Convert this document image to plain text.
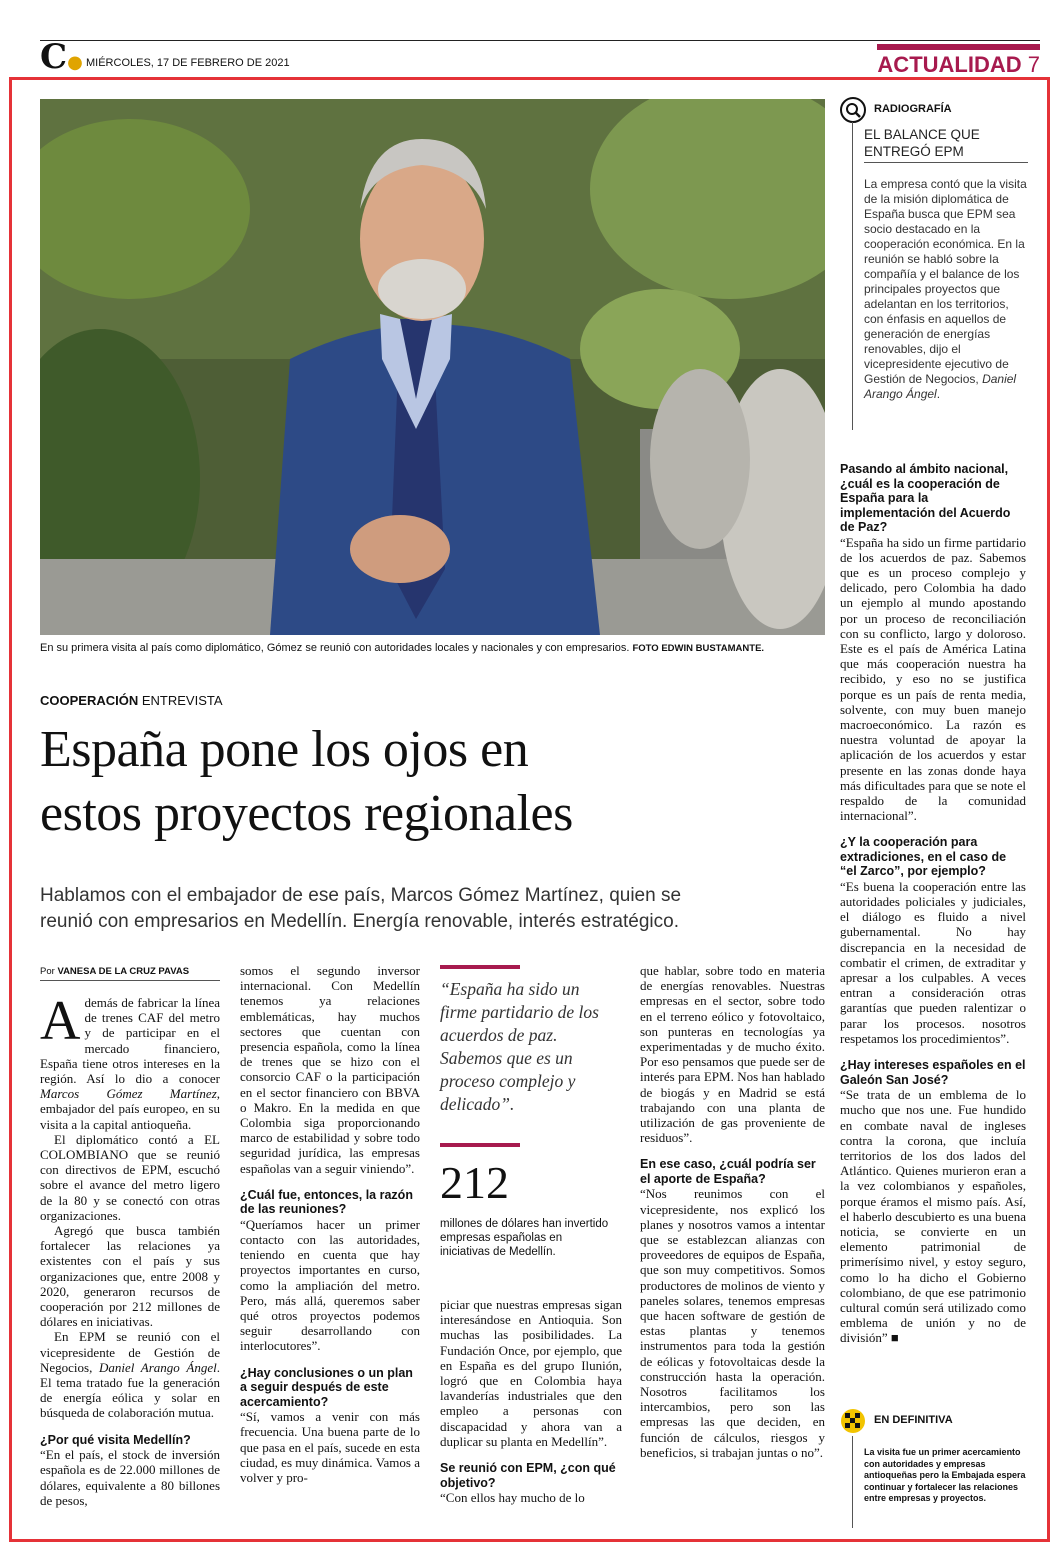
C● MIÉRCOLES, 17 DE FEBRERO DE 2021	ACTUALIDAD 7
En su primera visita al país como diplomático, Gómez se reunió con autoridades locales y nacionales y con empresarios. FOTO EDWIN BUSTAMANTE.
COOPERACIÓN ENTREVISTA
España pone los ojos en
estos proyectos regionales
Hablamos con el embajador de ese país, Marcos Gómez Martínez, quien se
reunió con empresarios en Medellín. Energía renovable, interés estratégico.
Por VANESA DE LA CRUZ PAVAS

Además de fabricar la línea de trenes CAF del metro y de participar en el mercado financiero, España tiene otros intereses en la región. Así lo dio a conocer Marcos Gómez Martínez, embajador del país europeo, en su visita a la capital antioqueña.

El diplomático contó a EL COLOMBIANO que se reunió con directivos de EPM, escuchó sobre el avance del metro ligero de la 80 y se conectó con otras organizaciones.

Agregó que busca también fortalecer las relaciones ya existentes con el país y sus organizaciones que, entre 2008 y 2020, generaron recursos de cooperación por 212 millones de dólares en iniciativas.

En EPM se reunió con el vicepresidente de Gestión de Negocios, Daniel Arango Ángel. El tema tratado fue la generación de energía eólica y solar en búsqueda de colaboración mutua.

¿Por qué visita Medellín?

“En el país, el stock de inversión española es de 22.000 millones de dólares, equivalente a 80 billones de pesos,

somos el segundo inversor internacional. Con Medellín tenemos ya relaciones emblemáticas, hay muchos sectores que cuentan con presencia española, como la línea de trenes que se hizo con el consorcio CAF o la participación en el sector financiero con BBVA o Makro. En la medida en que Colombia siga proporcionando marco de estabilidad y sobre todo seguridad jurídica, las empresas españolas van a seguir viniendo”.

¿Cuál fue, entonces, la razón de las reuniones?

“Queríamos hacer un primer contacto con las autoridades, teniendo en cuenta que hay proyectos importantes en curso, como la ampliación del metro. Pero, más allá, queremos saber qué otros proyectos podemos seguir desarrollando con interlocutores”.

¿Hay conclusiones o un plan a seguir después de este acercamiento?

“Sí, vamos a venir con más frecuencia. Una buena parte de lo que pasa en el país, sucede en esta ciudad, es muy dinámica. Vamos a volver y pro-

“España ha sido un firme partidario de los acuerdos de paz. Sabemos que es un proceso complejo y delicado”.
212
millones de dólares han invertido empresas españolas en iniciativas de Medellín.

piciar que nuestras empresas sigan interesándose en Antioquia. Son muchas las posibilidades. La Fundación Once, por ejemplo, que en España es del grupo Ilunión, logró que en Colombia haya lavanderías industriales que den empleo a personas con discapacidad y ahora van a duplicar su planta en Medellín”.

Se reunió con EPM, ¿con qué objetivo?

“Con ellos hay mucho de lo

que hablar, sobre todo en materia de energías renovables. Nuestras empresas en el sector, sobre todo en el terreno eólico y fotovoltaico, son punteras en tecnologías ya experimentadas y de mucho éxito. Por eso pensamos que puede ser de interés para EPM. Nos han hablado de biogás y en Madrid se está trabajando con una planta de utilización de gas proveniente de residuos”.

En ese caso, ¿cuál podría ser el aporte de España?

“Nos reunimos con el vicepresidente, nos explicó los planes y nosotros vamos a intentar que se establezcan alianzas con proveedores de equipos de España, que son muy competitivos. Somos productores de molinos de viento y paneles solares, tenemos empresas que hacen software de gestión de estas plantas y tenemos instrumentos para toda la gestión de eólicas y fotovoltaicas desde la construcción hasta la operación. Nosotros facilitamos los intercambios, pero son las empresas las que deciden, en función de cálculos, riesgos y beneficios, si trabajan juntas o no”.

RADIOGRAFÍA
EL BALANCE QUE ENTREGÓ EPM
La empresa contó que la visita de la misión diplomática de España busca que EPM sea socio destacado en la cooperación económica. En la reunión se habló sobre la compañía y el balance de los principales proyectos que adelantan en los territorios, con énfasis en aquellos de generación de energías renovables, dijo el vicepresidente ejecutivo de Gestión de Negocios, Daniel Arango Ángel.

Pasando al ámbito nacional, ¿cuál es la cooperación de España para la implementación del Acuerdo de Paz?

“España ha sido un firme partidario de los acuerdos de paz. Sabemos que es un proceso complejo y delicado, pero Colombia ha dado un ejemplo al mundo apostando por un proceso de reconciliación con su conflicto, largo y doloroso. Este es el país de América Latina que más cooperación nuestra ha recibido, y eso no se justifica porque es un país de renta media, solvente, con muy buen manejo macroeconómico. La razón es nuestra voluntad de apoyar la aplicación de los acuerdos y estar presente en las zonas donde haya más dificultades para que se note el respaldo de la comunidad internacional”.

¿Y la cooperación para extradiciones, en el caso de “el Zarco”, por ejemplo?

“Es buena la cooperación entre las autoridades policiales y judiciales, el diálogo es fluido a nivel gubernamental. No hay discrepancia en la necesidad de combatir el crimen, de extraditar y apresar a los culpables. A veces entran a consideración otras garantías que pueden ralentizar o parar los procesos. nosotros respetamos los procedimientos”.

¿Hay intereses españoles en el Galeón San José?

“Se trata de un emblema de lo mucho que nos une. Fue hundido en combate naval de ingleses contra la corona, que incluía territorios de los dos lados del Atlántico. Quienes murieron eran a la vez colombianos y españoles, porque éramos el mismo país. Así, el haberlo descubierto es una buena noticia, se convierte en un elemento patrimonial de primerísimo nivel, y estoy seguro, como lo ha dicho el Gobierno colombiano, de que ese patrimonio cultural común será utilizado como emblema de unión y no de división” ■

EN DEFINITIVA
La visita fue un primer acercamiento con autoridades y empresas antioqueñas pero la Embajada espera continuar y fortalecer las relaciones entre empresas y proyectos.
